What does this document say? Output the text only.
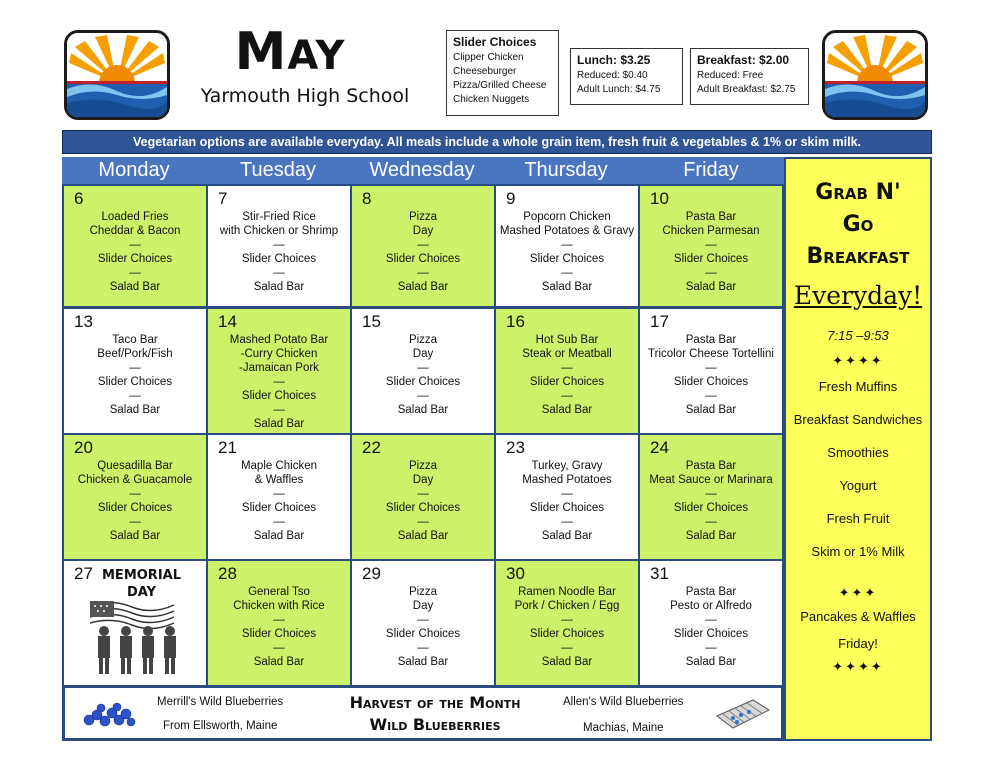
MAY
Yarmouth High School
Slider Choices
Clipper Chicken
Cheeseburger
Pizza/Grilled Cheese
Chicken Nuggets
Lunch: $3.25
Reduced: $0.40
Adult Lunch: $4.75
Breakfast: $2.00
Reduced: Free
Adult Breakfast: $2.75
Vegetarian options are available everyday. All meals include a whole grain item, fresh fruit & vegetables & 1% or skim milk.
Monday	Tuesday	Wednesday	Thursday	Friday
6
Loaded Fries
Cheddar & Bacon
—
Slider Choices
—
Salad Bar
7
Stir-Fried Rice
with Chicken or Shrimp
—
Slider Choices
—
Salad Bar
8
Pizza
Day
—
Slider Choices
—
Salad Bar
9
Popcorn Chicken
Mashed Potatoes & Gravy
—
Slider Choices
—
Salad Bar
10
Pasta Bar
Chicken Parmesan
—
Slider Choices
—
Salad Bar
13
Taco Bar
Beef/Pork/Fish
—
Slider Choices
—
Salad Bar
14
Mashed Potato Bar
-Curry Chicken
-Jamaican Pork
—
Slider Choices
—
Salad Bar
15
Pizza
Day
—
Slider Choices
—
Salad Bar
16
Hot Sub Bar
Steak or Meatball
—
Slider Choices
—
Salad Bar
17
Pasta Bar
Tricolor Cheese Tortellini
—
Slider Choices
—
Salad Bar
20
Quesadilla Bar
Chicken & Guacamole
—
Slider Choices
—
Salad Bar
21
Maple Chicken
& Waffles
—
Slider Choices
—
Salad Bar
22
Pizza
Day
—
Slider Choices
—
Salad Bar
23
Turkey, Gravy
Mashed Potatoes
—
Slider Choices
—
Salad Bar
24
Pasta Bar
Meat Sauce or Marinara
—
Slider Choices
—
Salad Bar
27 MEMORIAL
DAY
28
General Tso
Chicken with Rice
—
Slider Choices
—
Salad Bar
29
Pizza
Day
—
Slider Choices
—
Salad Bar
30
Ramen Noodle Bar
Pork / Chicken / Egg
—
Slider Choices
—
Salad Bar
31
Pasta Bar
Pesto or Alfredo
—
Slider Choices
—
Salad Bar
Merrill's Wild Blueberries
From Ellsworth, Maine
Harvest of the Month
Wild Blueberries
Allen's Wild Blueberries
Machias, Maine
Grab N'
Go
Breakfast
Everyday!
7:15 –9:53
✦✦✦✦
Fresh Muffins
Breakfast Sandwiches
Smoothies
Yogurt
Fresh Fruit
Skim or 1% Milk
✦✦✦
Pancakes & Waffles
Friday!
✦✦✦✦
